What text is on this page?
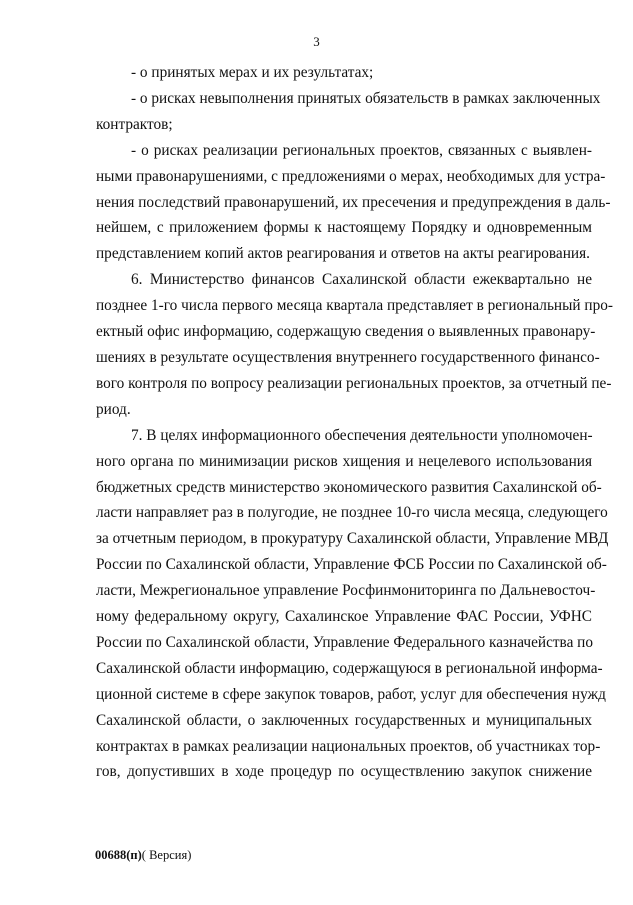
3
- о принятых мерах и их результатах;
- о рисках невыполнения принятых обязательств в рамках заключенных
контрактов;
- о рисках реализации региональных проектов, связанных с выявлен-
ными правонарушениями, с предложениями о мерах, необходимых для устра-
нения последствий правонарушений, их пресечения и предупреждения в даль-
нейшем, с приложением формы к настоящему Порядку и одновременным
представлением копий актов реагирования и ответов на акты реагирования.
6. Министерство финансов Сахалинской области ежеквартально не
позднее 1-го числа первого месяца квартала представляет в региональный про-
ектный офис информацию, содержащую сведения о выявленных правонару-
шениях в результате осуществления внутреннего государственного финансо-
вого контроля по вопросу реализации региональных проектов, за отчетный пе-
риод.
7. В целях информационного обеспечения деятельности уполномочен-
ного органа по минимизации рисков хищения и нецелевого использования
бюджетных средств министерство экономического развития Сахалинской об-
ласти направляет раз в полугодие, не позднее 10-го числа месяца, следующего
за отчетным периодом, в прокуратуру Сахалинской области, Управление МВД
России по Сахалинской области, Управление ФСБ России по Сахалинской об-
ласти, Межрегиональное управление Росфинмониторинга по Дальневосточ-
ному федеральному округу, Сахалинское Управление ФАС России, УФНС
России по Сахалинской области, Управление Федерального казначейства по
Сахалинской области информацию, содержащуюся в региональной информа-
ционной системе в сфере закупок товаров, работ, услуг для обеспечения нужд
Сахалинской области, о заключенных государственных и муниципальных
контрактах в рамках реализации национальных проектов, об участниках тор-
гов, допустивших в ходе процедур по осуществлению закупок снижение
00688(п)( Версия)
